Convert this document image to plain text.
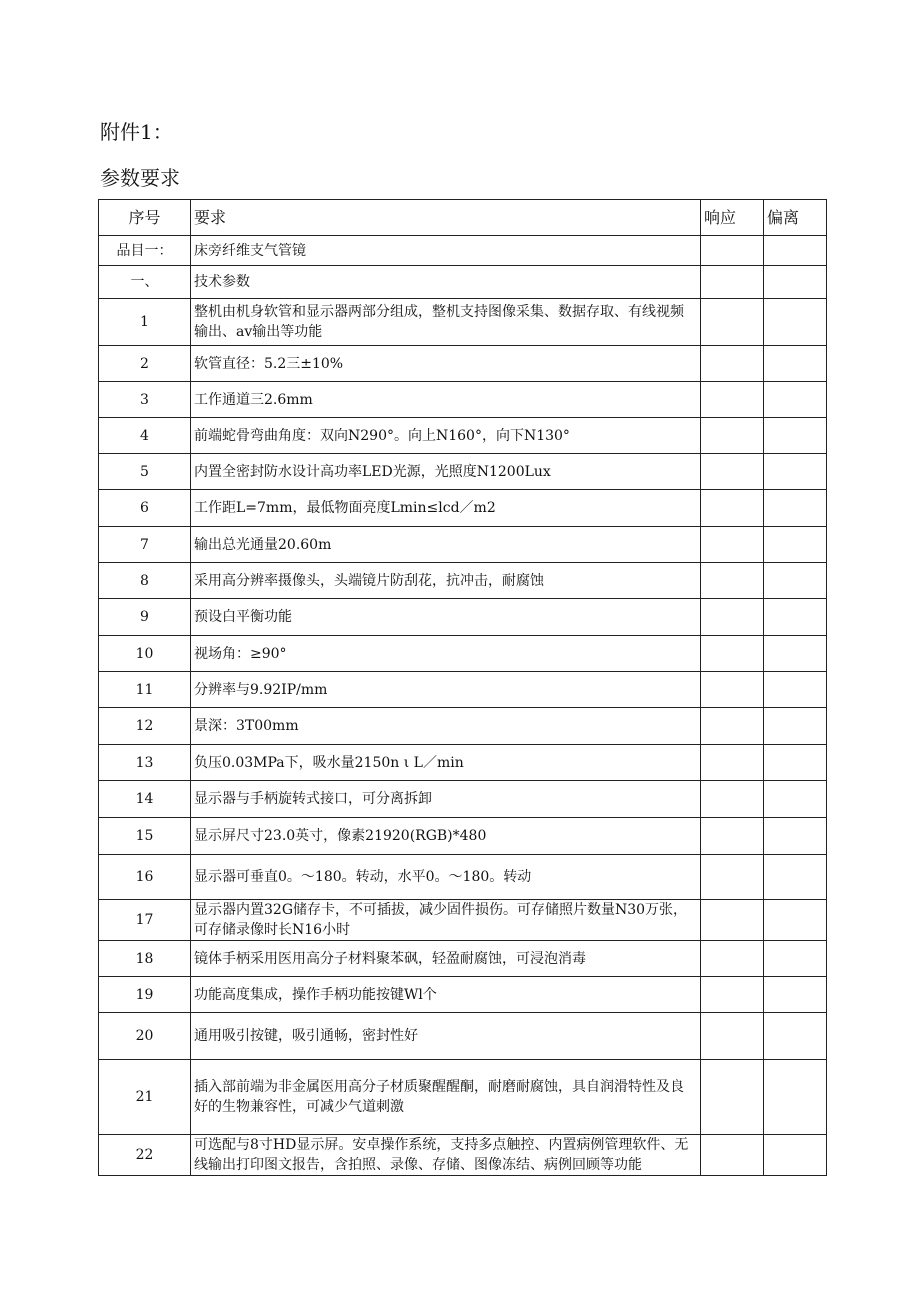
附件1：
参数要求
序号	要求	响应	偏离
品目一：	床旁纤维支气管镜		
一、	技术参数		
1	整机由机身软管和显示器两部分组成，整机支持图像采集、数据存取、有线视频输出、av输出等功能		
2	软管直径：5.2三±10%		
3	工作通道三2.6mm		
4	前端蛇骨弯曲角度：双向N290°。向上N160°，向下N130°		
5	内置全密封防水设计高功率LED光源，光照度N1200Lux		
6	工作距L=7mm，最低物面亮度Lmin≤lcd／m2		
7	输出总光通量20.60m		
8	采用高分辨率摄像头，头端镜片防刮花，抗冲击，耐腐蚀		
9	预设白平衡功能		
10	视场角：≥90°		
11	分辨率与9.92IP/mm		
12	景深：3T00mm		
13	负压0.03MPa下，吸水量2150n ι L／min		
14	显示器与手柄旋转式接口，可分离拆卸		
15	显示屏尺寸23.0英寸，像素21920(RGB)*480		
16	显示器可垂直0。～180。转动，水平0。～180。转动		
17	显示器内置32G储存卡，不可插拔，减少固件损伤。可存储照片数量N30万张，可存储录像时长N16小时		
18	镜体手柄采用医用高分子材料聚苯砜，轻盈耐腐蚀，可浸泡消毒		
19	功能高度集成，操作手柄功能按键Wl个		
20	通用吸引按键，吸引通畅，密封性好		
21	插入部前端为非金属医用高分子材质聚醒醒酮，耐磨耐腐蚀，具自润滑特性及良好的生物兼容性，可减少气道刺激		
22	可选配与8寸HD显示屏。安卓操作系统，支持多点触控、内置病例管理软件、无线输出打印图文报告，含拍照、录像、存储、图像冻结、病例回顾等功能		
